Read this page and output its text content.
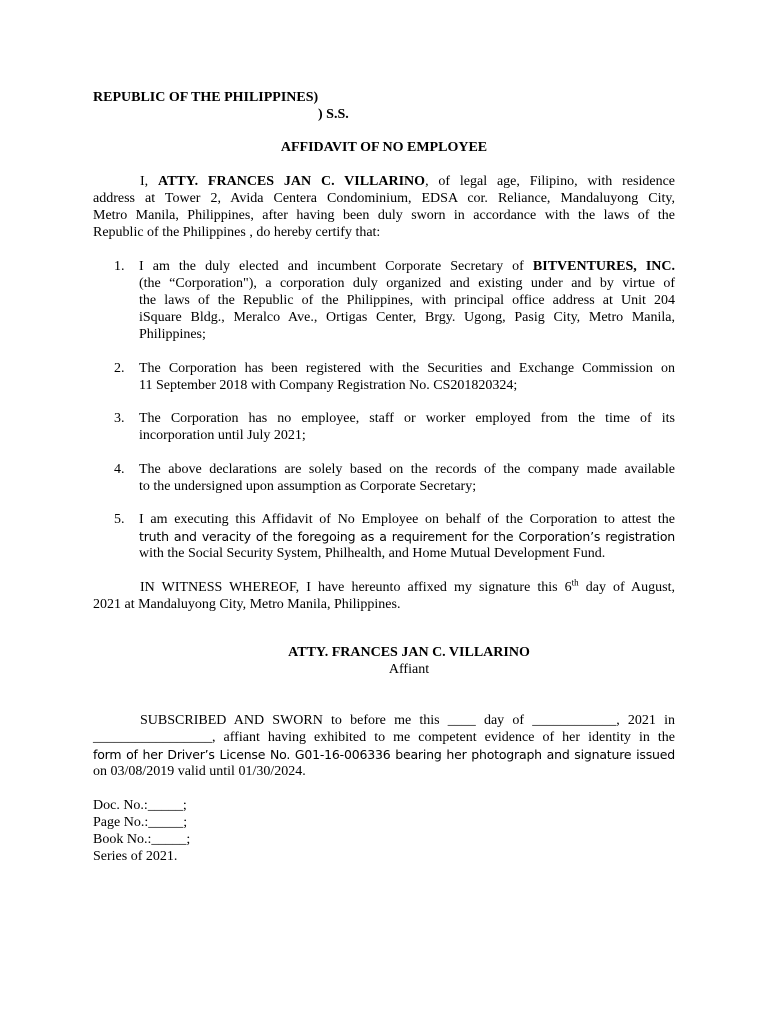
REPUBLIC OF THE PHILIPPINES)
) S.S.
AFFIDAVIT OF NO EMPLOYEE
I, ATTY. FRANCES JAN C. VILLARINO, of legal age, Filipino, with residence
address at Tower 2, Avida Centera Condominium, EDSA cor. Reliance, Mandaluyong City,
Metro Manila, Philippines, after having been duly sworn in accordance with the laws of the
Republic of the Philippines , do hereby certify that:
1. I am the duly elected and incumbent Corporate Secretary of BITVENTURES, INC.
(the “Corporation"), a corporation duly organized and existing under and by virtue of
the laws of the Republic of the Philippines, with principal office address at Unit 204
iSquare Bldg., Meralco Ave., Ortigas Center, Brgy. Ugong, Pasig City, Metro Manila,
Philippines;
2. The Corporation has been registered with the Securities and Exchange Commission on
11 September 2018 with Company Registration No. CS201820324;
3. The Corporation has no employee, staff or worker employed from the time of its
incorporation until July 2021;
4. The above declarations are solely based on the records of the company made available
to the undersigned upon assumption as Corporate Secretary;
5. I am executing this Affidavit of No Employee on behalf of the Corporation to attest the
truth and veracity of the foregoing as a requirement for the Corporation’s registration
with the Social Security System, Philhealth, and Home Mutual Development Fund.
IN WITNESS WHEREOF, I have hereunto affixed my signature this 6th day of August,
2021 at Mandaluyong City, Metro Manila, Philippines.
ATTY. FRANCES JAN C. VILLARINO
Affiant
SUBSCRIBED AND SWORN to before me this ____ day of ____________, 2021 in
_________________, affiant having exhibited to me competent evidence of her identity in the
form of her Driver’s License No. G01-16-006336 bearing her photograph and signature issued
on 03/08/2019 valid until 01/30/2024.
Doc. No.:_____;
Page No.:_____;
Book No.:_____;
Series of 2021.
